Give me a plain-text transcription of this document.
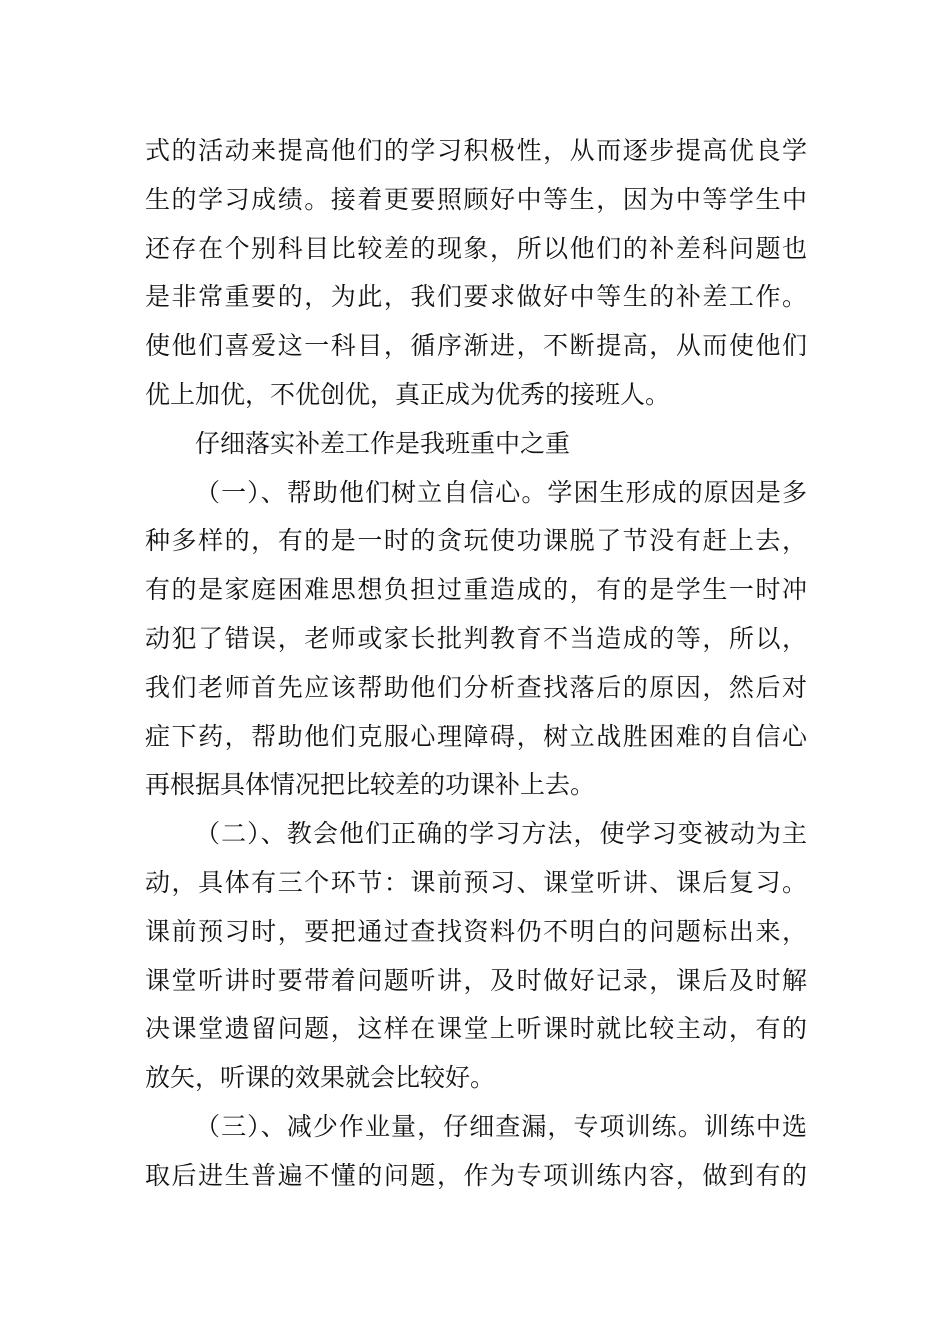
式的活动来提高他们的学习积极性，从而逐步提高优良学
生的学习成绩。接着更要照顾好中等生，因为中等学生中
还存在个别科目比较差的现象，所以他们的补差科问题也
是非常重要的，为此，我们要求做好中等生的补差工作。
使他们喜爱这一科目，循序渐进，不断提高，从而使他们
优上加优，不优创优，真正成为优秀的接班人。
仔细落实补差工作是我班重中之重
（一）、帮助他们树立自信心。学困生形成的原因是多
种多样的，有的是一时的贪玩使功课脱了节没有赶上去，
有的是家庭困难思想负担过重造成的，有的是学生一时冲
动犯了错误，老师或家长批判教育不当造成的等，所以，
我们老师首先应该帮助他们分析查找落后的原因，然后对
症下药，帮助他们克服心理障碍，树立战胜困难的自信心
再根据具体情况把比较差的功课补上去。
（二）、教会他们正确的学习方法，使学习变被动为主
动，具体有三个环节：课前预习、课堂听讲、课后复习。
课前预习时，要把通过查找资料仍不明白的问题标出来，
课堂听讲时要带着问题听讲，及时做好记录，课后及时解
决课堂遗留问题，这样在课堂上听课时就比较主动，有的
放矢，听课的效果就会比较好。
（三）、减少作业量，仔细查漏，专项训练。训练中选
取后进生普遍不懂的问题，作为专项训练内容，做到有的
